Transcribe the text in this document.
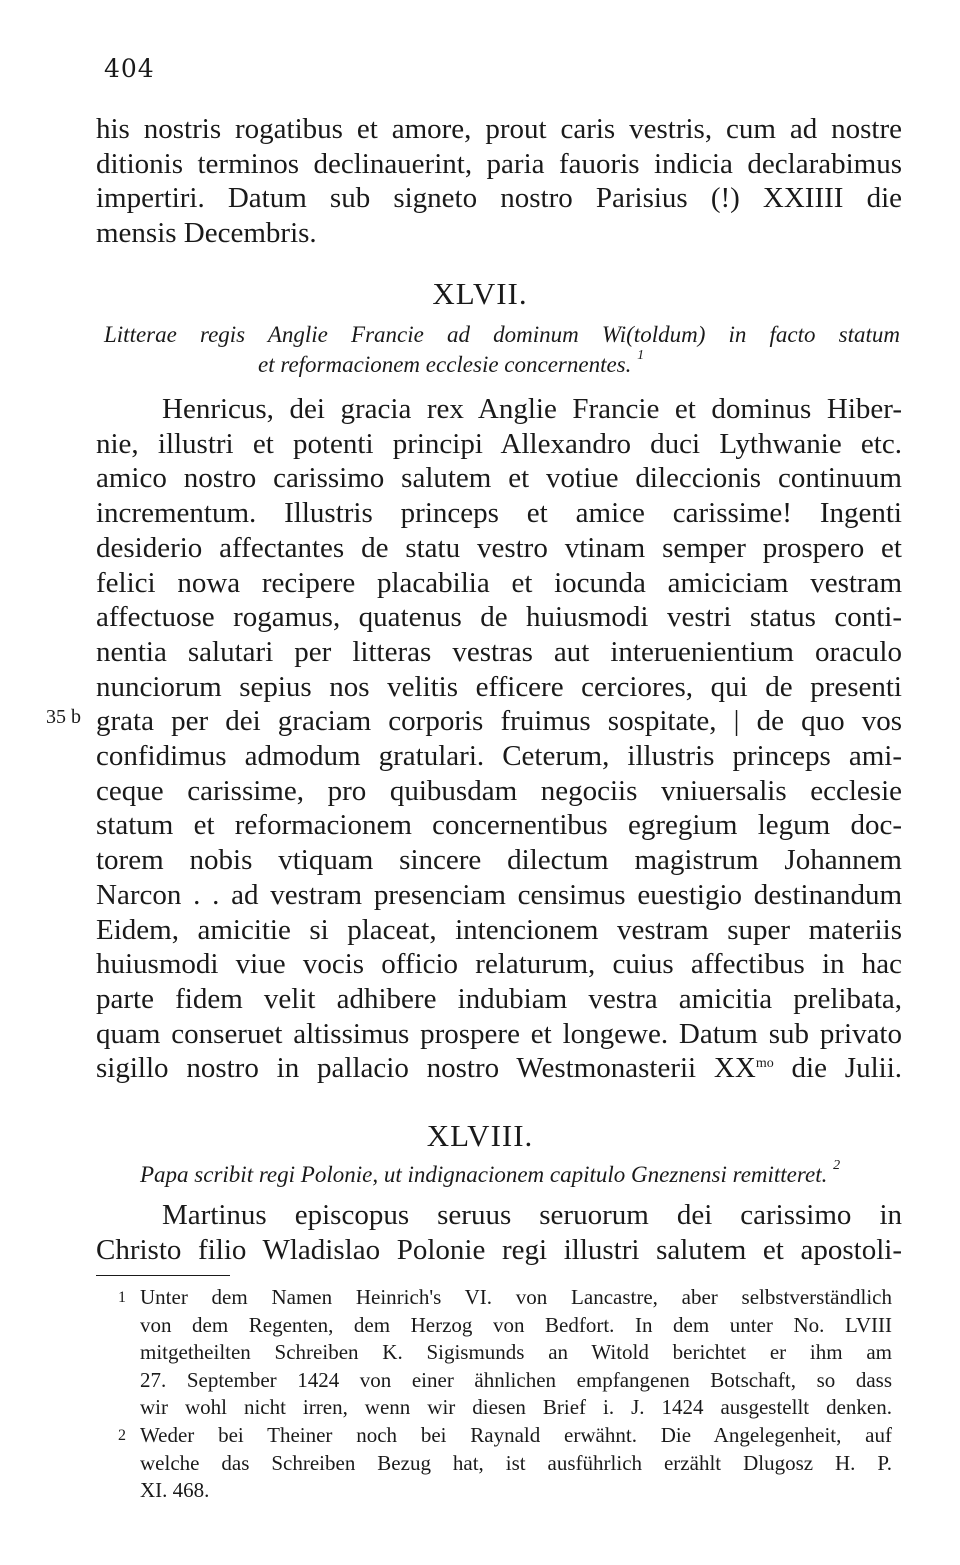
404
his nostris rogatibus et amore, prout caris vestris, cum ad nostre
ditionis terminos declinauerint, paria fauoris indicia declarabimus
impertiri. Datum sub signeto nostro Parisius (!) XXIIII die
mensis Decembris.
XLVII.
Litterae regis Anglie Francie ad dominum Wi(toldum) in facto statum
et reformacionem ecclesie concernentes. $^1$
35 b
Henricus, dei gracia rex Anglie Francie et dominus Hiber-
nie, illustri et potenti principi Allexandro duci Lythwanie etc.
amico nostro carissimo salutem et votiue dileccionis continuum
incrementum. Illustris princeps et amice carissime! Ingenti
desiderio affectantes de statu vestro vtinam semper prospero et
felici nowa recipere placabilia et iocunda amiciciam vestram
affectuose rogamus, quatenus de huiusmodi vestri status conti-
nentia salutari per litteras vestras aut interuenientium oraculo
nunciorum sepius nos velitis efficere cerciores, qui de presenti
grata per dei graciam corporis fruimus sospitate, | de quo vos
confidimus admodum gratulari. Ceterum, illustris princeps ami-
ceque carissime, pro quibusdam negociis vniuersalis ecclesie
statum et reformacionem concernentibus egregium legum doc-
torem nobis vtiquam sincere dilectum magistrum Johannem
Narcon . . ad vestram presenciam censimus euestigio destinandum
Eidem, amicitie si placeat, intencionem vestram super materiis
huiusmodi viue vocis officio relaturum, cuius affectibus in hac
parte fidem velit adhibere indubiam vestra amicitia prelibata,
quam conseruet altissimus prospere et longewe. Datum sub privato
sigillo nostro in pallacio nostro Westmonasterii $XX^{mo}$ die Julii.
XLVIII.
Papa scribit regi Polonie, ut indignacionem capitulo Gneznensi remitteret. $^2$
Martinus episcopus seruus seruorum dei carissimo in
Christo filio Wladislao Polonie regi illustri salutem et apostoli-
1 Unter dem Namen Heinrich's VI. von Lancastre, aber selbstverständlich
von dem Regenten, dem Herzog von Bedfort. In dem unter No. LVIII
mitgetheilten Schreiben K. Sigismunds an Witold berichtet er ihm am
27. September 1424 von einer ähnlichen empfangenen Botschaft, so dass
wir wohl nicht irren, wenn wir diesen Brief i. J. 1424 ausgestellt denken.
2 Weder bei Theiner noch bei Raynald erwähnt. Die Angelegenheit, auf
welche das Schreiben Bezug hat, ist ausführlich erzählt Dlugosz H. P.
XI. 468.
